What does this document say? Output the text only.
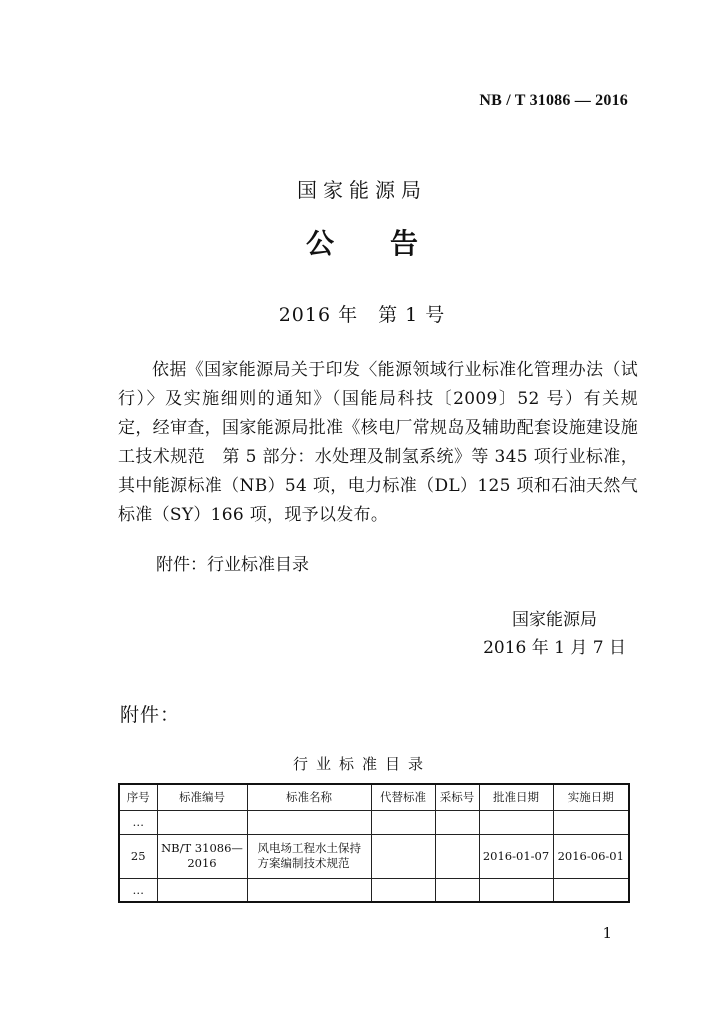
NB / T 31086 — 2016
国家能源局
公 告
2016 年　第 1 号
依据《国家能源局关于印发〈能源领域行业标准化管理办法（试行）〉及实施细则的通知》（国能局科技〔2009〕52 号）有关规定，经审查，国家能源局批准《核电厂常规岛及辅助配套设施建设施工技术规范　第 5 部分：水处理及制氢系统》等 345 项行业标准，其中能源标准（NB）54 项，电力标准（DL）125 项和石油天然气标准（SY）166 项，现予以发布。
附件：行业标准目录
国家能源局
2016 年 1 月 7 日
附件：
行业标准目录
序号	标准编号	标准名称	代替标准	采标号	批准日期	实施日期
…						
25	NB/T 31086—2016	风电场工程水土保持方案编制技术规范			2016-01-07	2016-06-01
…						
1
